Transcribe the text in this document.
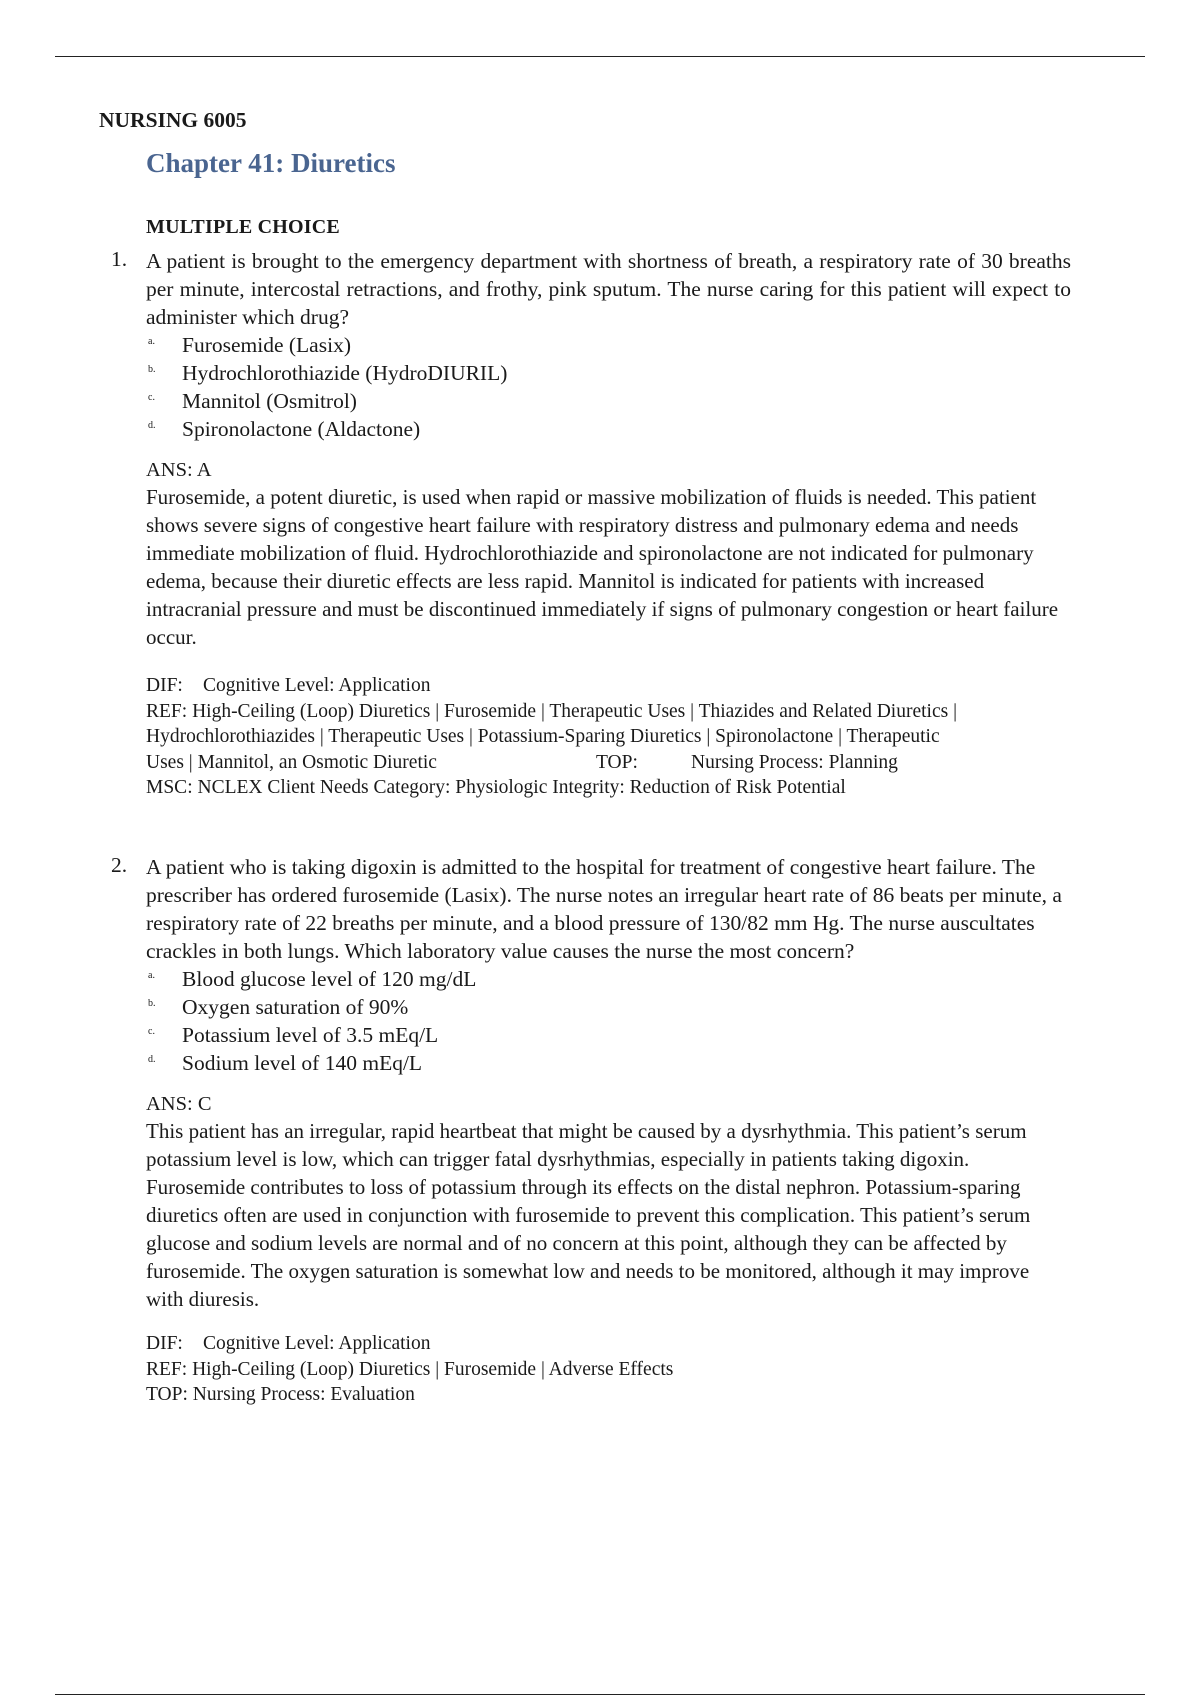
NURSING 6005
Chapter 41: Diuretics
MULTIPLE CHOICE
1. A patient is brought to the emergency department with shortness of breath, a respiratory rate of 30 breaths per minute, intercostal retractions, and frothy, pink sputum. The nurse caring for this patient will expect to administer which drug?
a. Furosemide (Lasix)
b. Hydrochlorothiazide (HydroDIURIL)
c. Mannitol (Osmitrol)
d. Spironolactone (Aldactone)
ANS: A
Furosemide, a potent diuretic, is used when rapid or massive mobilization of fluids is needed. This patient shows severe signs of congestive heart failure with respiratory distress and pulmonary edema and needs immediate mobilization of fluid. Hydrochlorothiazide and spironolactone are not indicated for pulmonary edema, because their diuretic effects are less rapid. Mannitol is indicated for patients with increased intracranial pressure and must be discontinued immediately if signs of pulmonary congestion or heart failure occur.
DIF: Cognitive Level: Application
REF: High-Ceiling (Loop) Diuretics | Furosemide | Therapeutic Uses | Thiazides and Related Diuretics |
Hydrochlorothiazides | Therapeutic Uses | Potassium-Sparing Diuretics | Spironolactone | Therapeutic
Uses | Mannitol, an Osmotic Diuretic	TOP:	Nursing Process: Planning
MSC: NCLEX Client Needs Category: Physiologic Integrity: Reduction of Risk Potential
2. A patient who is taking digoxin is admitted to the hospital for treatment of congestive heart failure. The prescriber has ordered furosemide (Lasix). The nurse notes an irregular heart rate of 86 beats per minute, a respiratory rate of 22 breaths per minute, and a blood pressure of 130/82 mm Hg. The nurse auscultates crackles in both lungs. Which laboratory value causes the nurse the most concern?
a. Blood glucose level of 120 mg/dL
b. Oxygen saturation of 90%
c. Potassium level of 3.5 mEq/L
d. Sodium level of 140 mEq/L
ANS: C
This patient has an irregular, rapid heartbeat that might be caused by a dysrhythmia. This patient’s serum potassium level is low, which can trigger fatal dysrhythmias, especially in patients taking digoxin. Furosemide contributes to loss of potassium through its effects on the distal nephron. Potassium-sparing diuretics often are used in conjunction with furosemide to prevent this complication. This patient’s serum glucose and sodium levels are normal and of no concern at this point, although they can be affected by furosemide. The oxygen saturation is somewhat low and needs to be monitored, although it may improve with diuresis.
DIF: Cognitive Level: Application
REF: High-Ceiling (Loop) Diuretics | Furosemide | Adverse Effects
TOP: Nursing Process: Evaluation
